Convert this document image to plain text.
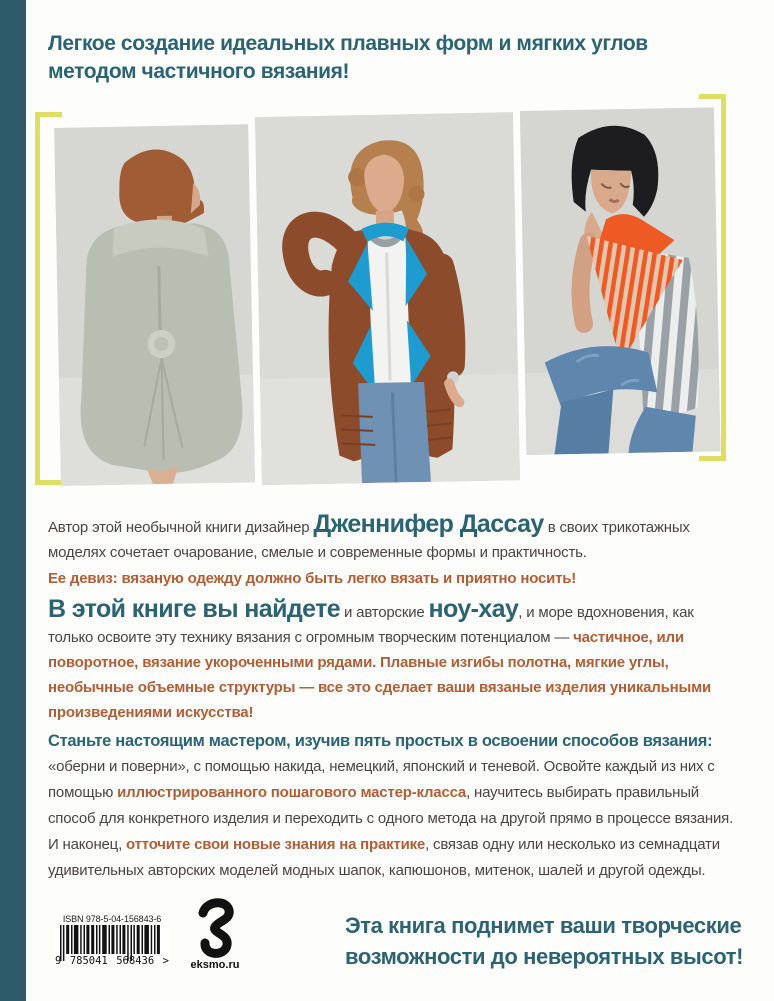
Легкое создание идеальных плавных форм и мягких углов методом частичного вязания!

Автор этой необычной книги дизайнер Дженнифер Дассау в своих трикотажных моделях сочетает очарование, смелые и современные формы и практичность.

Ее девиз: вязаную одежду должно быть легко вязать и приятно носить!

В этой книге вы найдете и авторские ноу-хау, и море вдохновения, как только освоите эту технику вязания с огромным творческим потенциалом — частичное, или поворотное, вязание укороченными рядами. Плавные изгибы полотна, мягкие углы, необычные объемные структуры — все это сделает ваши вязаные изделия уникальными произведениями искусства!
Станьте настоящим мастером, изучив пять простых в освоении способов вязания:
«оберни и поверни», с помощью накида, немецкий, японский и теневой. Освойте каждый из них с помощью иллюстрированного пошагового мастер-класса, научитесь выбирать правильный способ для конкретного изделия и переходить с одного метода на другой прямо в процессе вязания. И наконец, отточите свои новые знания на практике, связав одну или несколько из семнадцати удивительных авторских моделей модных шапок, капюшонов, митенок, шалей и другой одежды.
ISBN 978-5-04-156843-6
9 785041 568436 >	eksmo.ru
Эта книга поднимет ваши творческие
возможности до невероятных высот!
